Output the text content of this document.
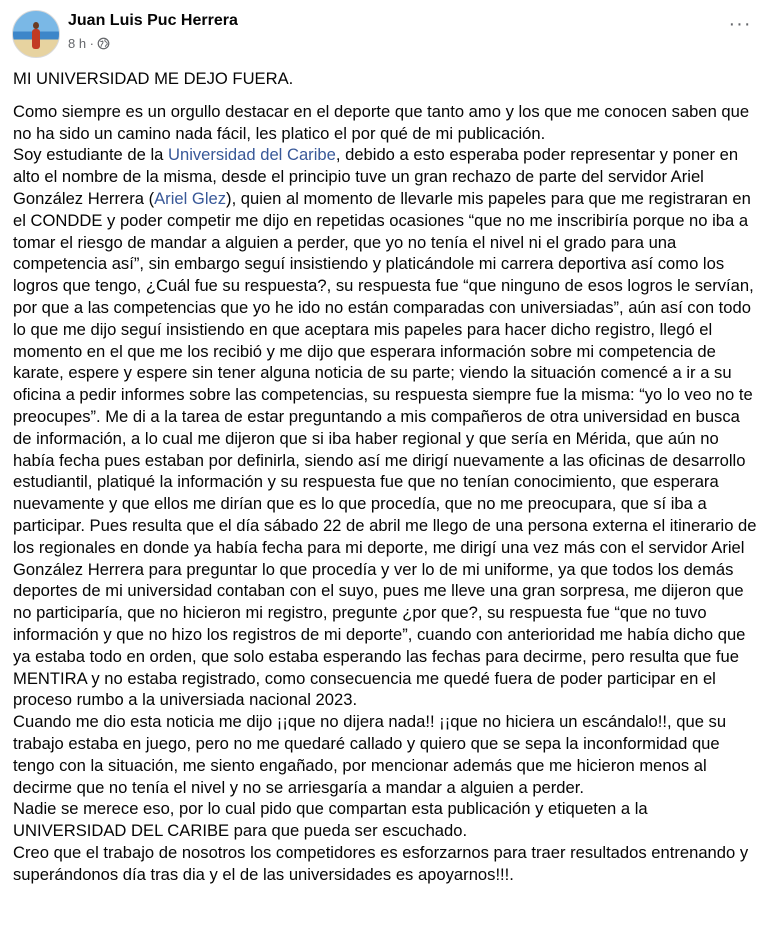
Juan Luis Puc Herrera
8 h ·
···
MI UNIVERSIDAD ME DEJO FUERA.

Como siempre es un orgullo destacar en el deporte que tanto amo y los que me conocen saben que no ha sido un camino nada fácil, les platico el por qué de mi publicación.

Soy estudiante de la Universidad del Caribe, debido a esto esperaba poder representar y poner en alto el nombre de la misma, desde el principio tuve un gran rechazo de parte del servidor Ariel González Herrera (Ariel Glez), quien al momento de llevarle mis papeles para que me registraran en el CONDDE y poder competir me dijo en repetidas ocasiones “que no me inscribiría porque no iba a tomar el riesgo de mandar a alguien a perder, que yo no tenía el nivel ni el grado para una competencia así”, sin embargo seguí insistiendo y platicándole mi carrera deportiva así como los logros que tengo, ¿Cuál fue su respuesta?, su respuesta fue “que ninguno de esos logros le servían, por que a las competencias que yo he ido no están comparadas con universiadas”, aún así con todo lo que me dijo seguí insistiendo en que aceptara mis papeles para hacer dicho registro, llegó el momento en el que me los recibió y me dijo que esperara información sobre mi competencia de karate, espere y espere sin tener alguna noticia de su parte; viendo la situación comencé a ir a su oficina a pedir informes sobre las competencias, su respuesta siempre fue la misma: “yo lo veo no te preocupes”. Me di a la tarea de estar preguntando a mis compañeros de otra universidad en busca de información, a lo cual me dijeron que si iba haber regional y que sería en Mérida, que aún no había fecha pues estaban por definirla, siendo así me dirigí nuevamente a las oficinas de desarrollo estudiantil, platiqué la información y su respuesta fue que no tenían conocimiento, que esperara nuevamente y que ellos me dirían que es lo que procedía, que no me preocupara, que sí iba a participar. Pues resulta que el día sábado 22 de abril me llego de una persona externa el itinerario de los regionales en donde ya había fecha para mi deporte, me dirigí una vez más con el servidor Ariel González Herrera para preguntar lo que procedía y ver lo de mi uniforme, ya que todos los demás deportes de mi universidad contaban con el suyo, pues me lleve una gran sorpresa, me dijeron que no participaría, que no hicieron mi registro, pregunte ¿por que?, su respuesta fue “que no tuvo información y que no hizo los registros de mi deporte”, cuando con anterioridad me había dicho que ya estaba todo en orden, que solo estaba esperando las fechas para decirme, pero resulta que fue MENTIRA y no estaba registrado, como consecuencia me quedé fuera de poder participar en el proceso rumbo a la universiada nacional 2023.

Cuando me dio esta noticia me dijo ¡¡que no dijera nada!! ¡¡que no hiciera un escándalo!!, que su trabajo estaba en juego, pero no me quedaré callado y quiero que se sepa la inconformidad que tengo con la situación, me siento engañado, por mencionar además que me hicieron menos al decirme que no tenía el nivel y no se arriesgaría a mandar a alguien a perder.

Nadie se merece eso, por lo cual pido que compartan esta publicación y etiqueten a la UNIVERSIDAD DEL CARIBE para que pueda ser escuchado.

Creo que el trabajo de nosotros los competidores es esforzarnos para traer resultados entrenando y superándonos día tras dia y el de las universidades es apoyarnos!!!.
